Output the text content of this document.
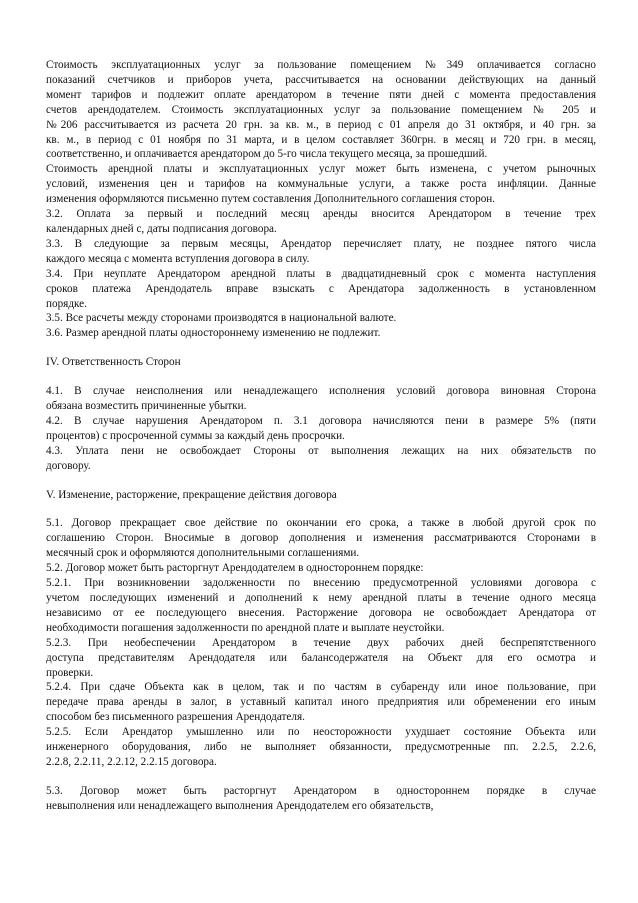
Стоимость эксплуатационных услуг за пользование помещением №349 оплачивается согласно

показаний счетчиков и приборов учета, рассчитывается на основании действующих на данный

момент тарифов и подлежит оплате арендатором в течение пяти дней с момента предоставления

счетов арендодателем. Стоимость эксплуатационных услуг за пользование помещением № 205 и

№206 рассчитывается из расчета 20 грн. за кв. м., в период с 01 апреля до 31 октября, и 40 грн. за

кв. м., в период с 01 ноября по 31 марта, и в целом составляет 360грн. в месяц и 720 грн. в месяц,

соответственно, и оплачивается арендатором до 5-го числа текущего месяца, за прошедший.

Стоимость арендной платы и эксплуатационных услуг может быть изменена, с учетом рыночных

условий, изменения цен и тарифов на коммунальные услуги, а также роста инфляции. Данные

изменения оформляются письменно путем составления Дополнительного соглашения сторон.

3.2. Оплата за первый и последний месяц аренды вносится Арендатором в течение трех

календарных дней с, даты подписания договора.

3.3. В следующие за первым месяцы, Арендатор перечисляет плату, не позднее пятого числа

каждого месяца с момента вступления договора в силу.

3.4. При неуплате Арендатором арендной платы в двадцатидневный срок с момента наступления

сроков платежа Арендодатель вправе взыскать с Арендатора задолженность в установленном

порядке.

3.5. Все расчеты между сторонами производятся в национальной валюте.

3.6. Размер арендной платы одностороннему изменению не подлежит.

IV. Ответственность Сторон

4.1. В случае неисполнения или ненадлежащего исполнения условий договора виновная Сторона

обязана возместить причиненные убытки.

4.2. В случае нарушения Арендатором п. 3.1 договора начисляются пени в размере 5% (пяти

процентов) с просроченной суммы за каждый день просрочки.

4.3. Уплата пени не освобождает Стороны от выполнения лежащих на них обязательств по

договору.

V. Изменение, расторжение, прекращение действия договора

5.1. Договор прекращает свое действие по окончании его срока, а также в любой другой срок по

соглашению Сторон. Вносимые в договор дополнения и изменения рассматриваются Сторонами в

месячный срок и оформляются дополнительными соглашениями.

5.2. Договор может быть расторгнут Арендодателем в одностороннем порядке:

5.2.1. При возникновении задолженности по внесению предусмотренной условиями договора с

учетом последующих изменений и дополнений к нему арендной платы в течение одного месяца

независимо от ее последующего внесения. Расторжение договора не освобождает Арендатора от

необходимости погашения задолженности по арендной плате и выплате неустойки.

5.2.3. При необеспечении Арендатором в течение двух рабочих дней беспрепятственного

доступа представителям Арендодателя или балансодержателя на Объект для его осмотра и

проверки.

5.2.4. При сдаче Объекта как в целом, так и по частям в субаренду или иное пользование, при

передаче права аренды в залог, в уставный капитал иного предприятия или обременении его иным

способом без письменного разрешения Арендодателя.

5.2.5. Если Арендатор умышленно или по неосторожности ухудшает состояние Объекта или

инженерного оборудования, либо не выполняет обязанности, предусмотренные пп. 2.2.5, 2.2.6,

2.2.8, 2.2.11, 2.2.12, 2.2.15 договора.

5.3. Договор может быть расторгнут Арендатором в одностороннем порядке в случае

невыполнения или ненадлежащего выполнения Арендодателем его обязательств,
